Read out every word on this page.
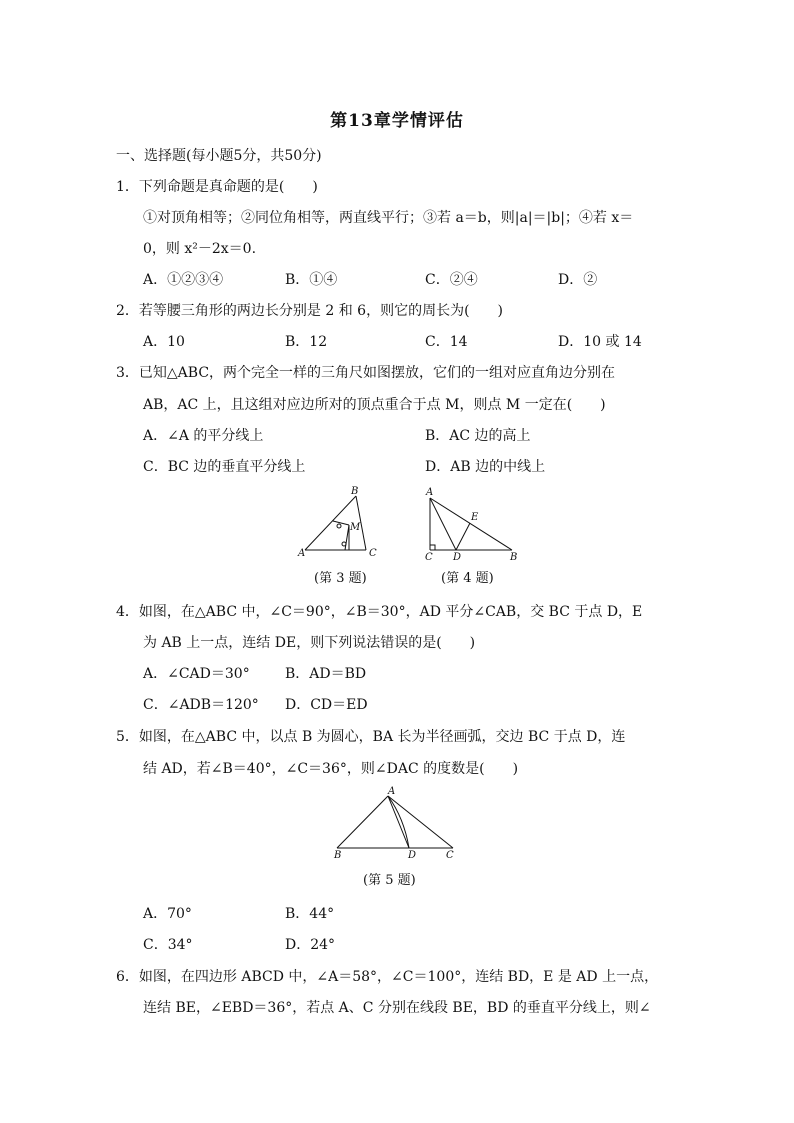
第13章学情评估
一、选择题(每小题5分，共50分)
1．下列命题是真命题的是(　　)
①对顶角相等；②同位角相等，两直线平行；③若 a＝b，则|a|＝|b|；④若 x＝
0，则 x²－2x＝0.
A．①②③④	B．①④	C．②④	D．②
2．若等腰三角形的两边长分别是 2 和 6，则它的周长为(　　)
A．10	B．12	C．14	D．10 或 14
3．已知△ABC，两个完全一样的三角尺如图摆放，它们的一组对应直角边分别在
AB，AC 上，且这组对应边所对的顶点重合于点 M，则点 M 一定在(　　)
A．∠A 的平分线上	B．AC 边的高上
C．BC 边的垂直平分线上	D．AB 边的中线上
A
B
C
M
A
E
C D	B
(第 3 题)	(第 4 题)
4．如图，在△ABC 中，∠C＝90°，∠B＝30°，AD 平分∠CAB，交 BC 于点 D，E
为 AB 上一点，连结 DE，则下列说法错误的是(　　)
A．∠CAD＝30°	B．AD＝BD
C．∠ADB＝120° D．CD＝ED
5．如图，在△ABC 中，以点 B 为圆心，BA 长为半径画弧，交边 BC 于点 D，连
结 AD，若∠B＝40°，∠C＝36°，则∠DAC 的度数是(　　)
A
B	D	C
(第 5 题)
A．70°	B．44°
C．34°	D．24°
6．如图，在四边形 ABCD 中，∠A＝58°，∠C＝100°，连结 BD，E 是 AD 上一点，
连结 BE，∠EBD＝36°，若点 A、C 分别在线段 BE，BD 的垂直平分线上，则∠
